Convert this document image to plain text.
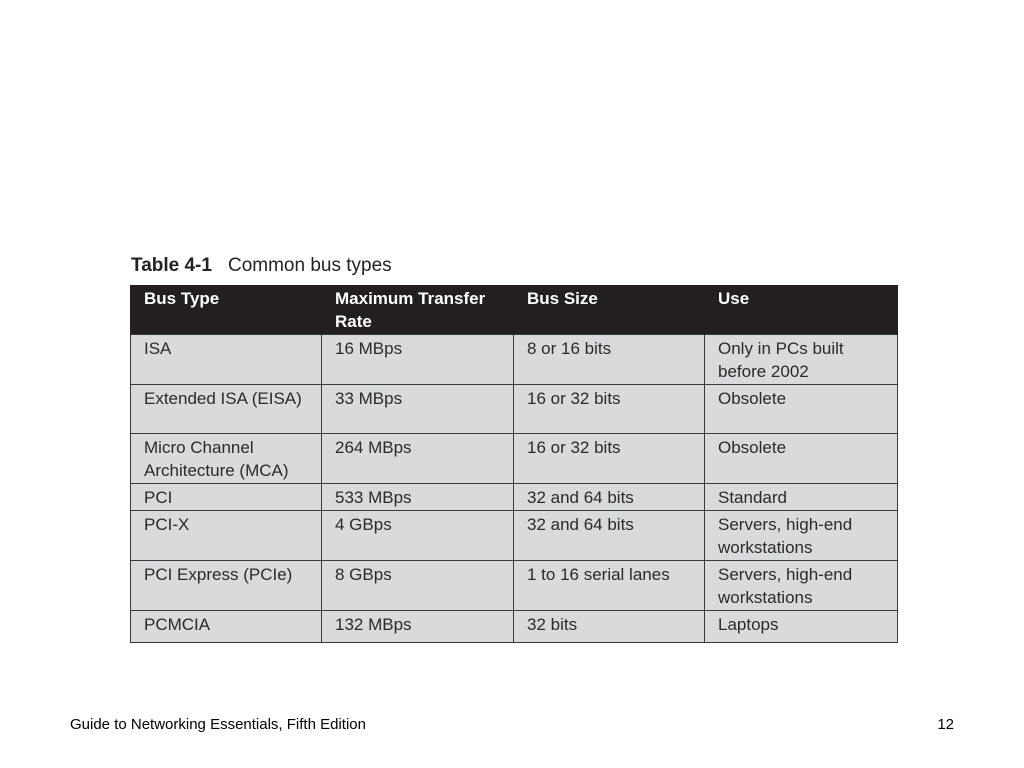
Table 4-1 Common bus types
Bus Type	Maximum Transfer Rate	Bus Size	Use
ISA	16 MBps	8 or 16 bits	Only in PCs built before 2002
Extended ISA (EISA)	33 MBps	16 or 32 bits	Obsolete
Micro Channel Architecture (MCA)	264 MBps	16 or 32 bits	Obsolete
PCI	533 MBps	32 and 64 bits	Standard
PCI-X	4 GBps	32 and 64 bits	Servers, high-end workstations
PCI Express (PCIe)	8 GBps	1 to 16 serial lanes	Servers, high-end workstations
PCMCIA	132 MBps	32 bits	Laptops
Guide to Networking Essentials, Fifth Edition	12
